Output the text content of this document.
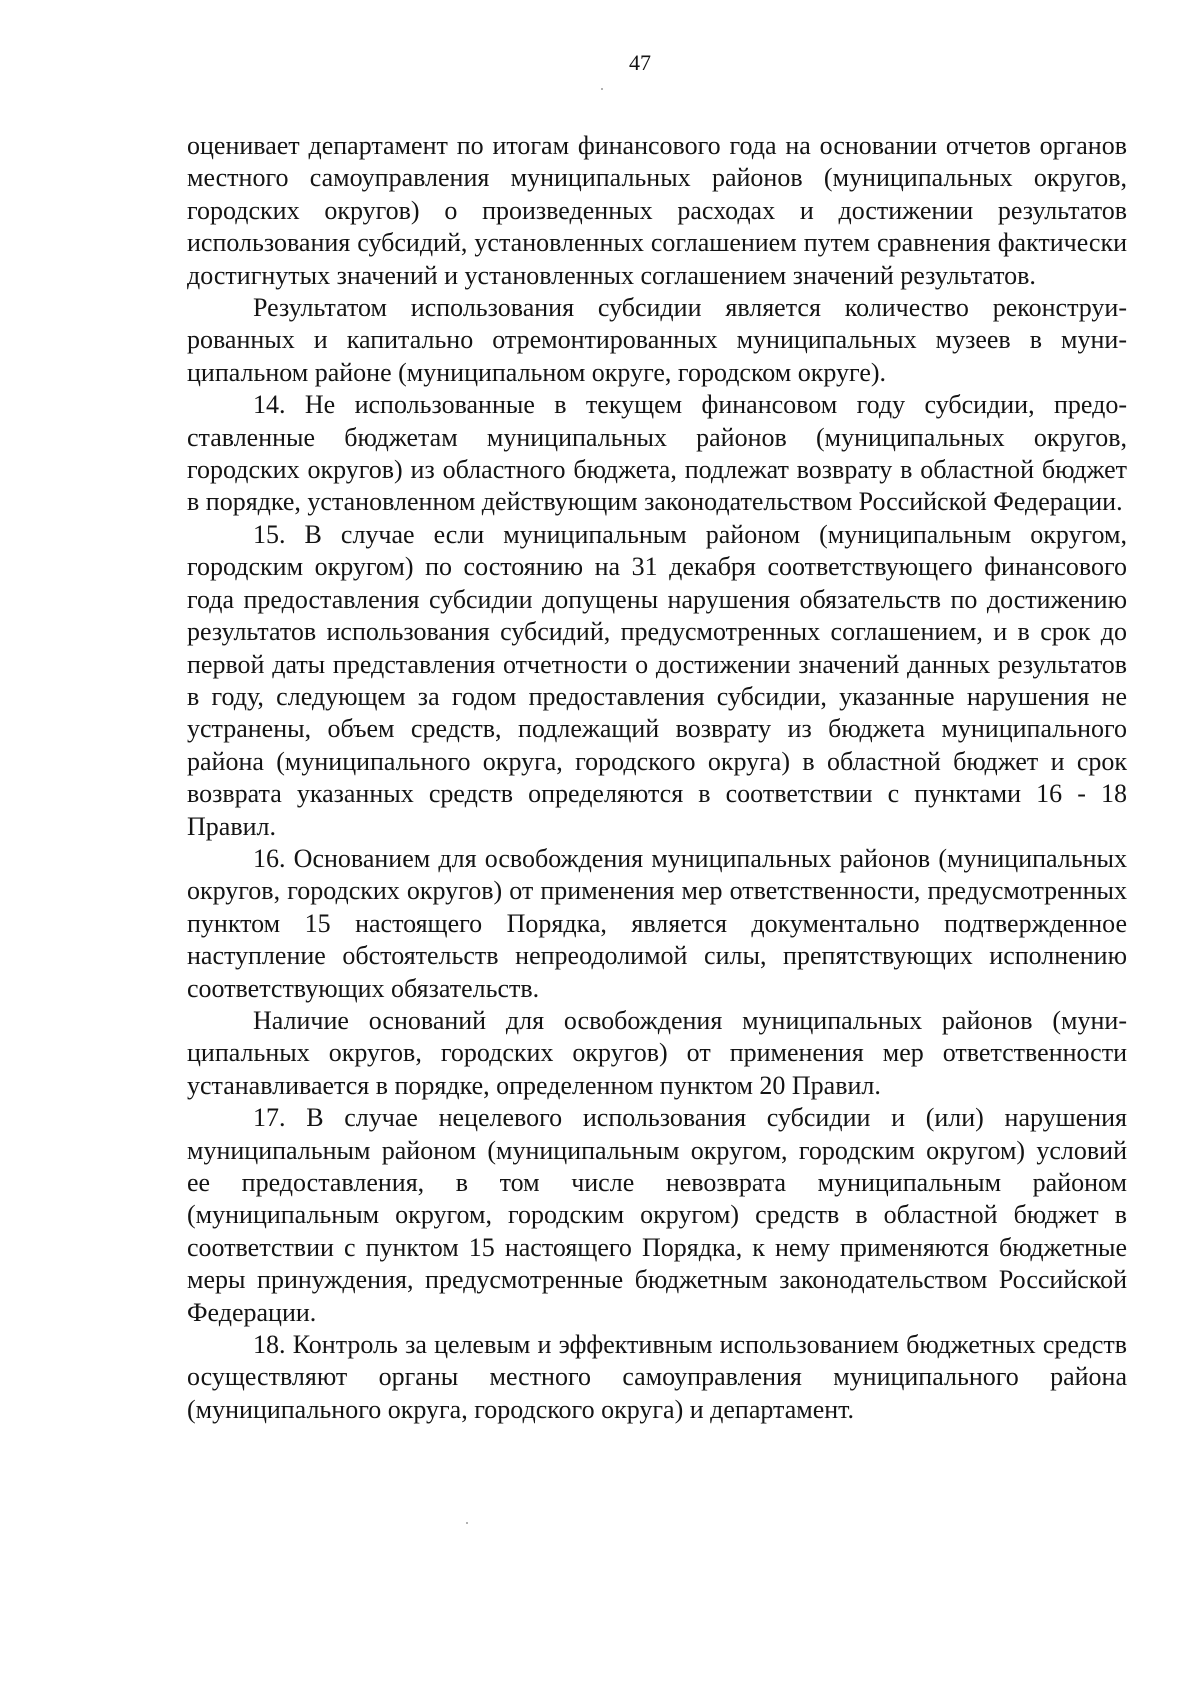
47

оценивает департамент по итогам финансового года на основании отчетов органов местного самоуправления муниципальных районов (муниципальных округов, городских округов) о произведенных расходах и достижении результатов использования субсидий, установленных соглашением путем сравнения фактически достигнутых значений и установленных соглашением значений результатов.

Результатом использования субсидии является количество реконструированных и капитально отремонтированных муниципальных музеев в муниципальном районе (муниципальном округе, городском округе).

14. Не использованные в текущем финансовом году субсидии, предоставленные бюджетам муниципальных районов (муниципальных округов, городских округов) из областного бюджета, подлежат возврату в областной бюджет в порядке, установленном действующим законодательством Российской Федерации.

15. В случае если муниципальным районом (муниципальным округом, городским округом) по состоянию на 31 декабря соответствующего финансового года предоставления субсидии допущены нарушения обязательств по достижению результатов использования субсидий, предусмотренных соглашением, и в срок до первой даты представления отчетности о достижении значений данных результатов в году, следующем за годом предоставления субсидии, указанные нарушения не устранены, объем средств, подлежащий возврату из бюджета муниципального района (муниципального округа, городского округа) в областной бюджет и срок возврата указанных средств определяются в соответствии с пунктами 16 - 18 Правил.

16. Основанием для освобождения муниципальных районов (муниципальных округов, городских округов) от применения мер ответственности, предусмотренных пунктом 15 настоящего Порядка, является документально подтвержденное наступление обстоятельств непреодолимой силы, препятствующих исполнению соответствующих обязательств.

Наличие оснований для освобождения муниципальных районов (муниципальных округов, городских округов) от применения мер ответственности устанавливается в порядке, определенном пунктом 20 Правил.

17. В случае нецелевого использования субсидии и (или) нарушения муниципальным районом (муниципальным округом, городским округом) условий ее предоставления, в том числе невозврата муниципальным районом (муниципальным округом, городским округом) средств в областной бюджет в соответствии с пунктом 15 настоящего Порядка, к нему применяются бюджетные меры принуждения, предусмотренные бюджетным законодательством Российской Федерации.

18. Контроль за целевым и эффективным использованием бюджетных средств осуществляют органы местного самоуправления муниципального района (муниципального округа, городского округа) и департамент.
